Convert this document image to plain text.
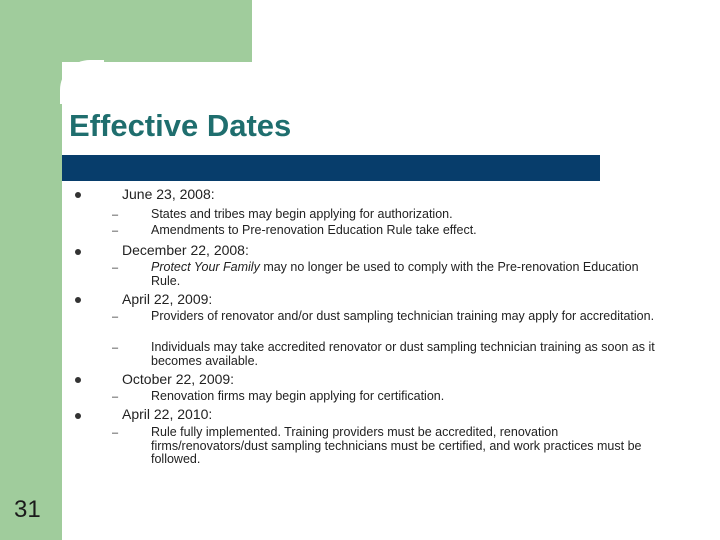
31
Effective Dates
June 23, 2008:
–	States and tribes may begin applying for authorization.
–	Amendments to Pre-renovation Education Rule take effect.
December 22, 2008:
–	Protect Your Family may no longer be used to comply with the Pre-renovation Education Rule.
April 22, 2009:
–	Providers of renovator and/or dust sampling technician training may apply for accreditation.
–	Individuals may take accredited renovator or dust sampling technician training as soon as it becomes available.
October 22, 2009:
–	Renovation firms may begin applying for certification.
April 22, 2010:
–	Rule fully implemented. Training providers must be accredited, renovation firms/renovators/dust sampling technicians must be certified, and work practices must be followed.
